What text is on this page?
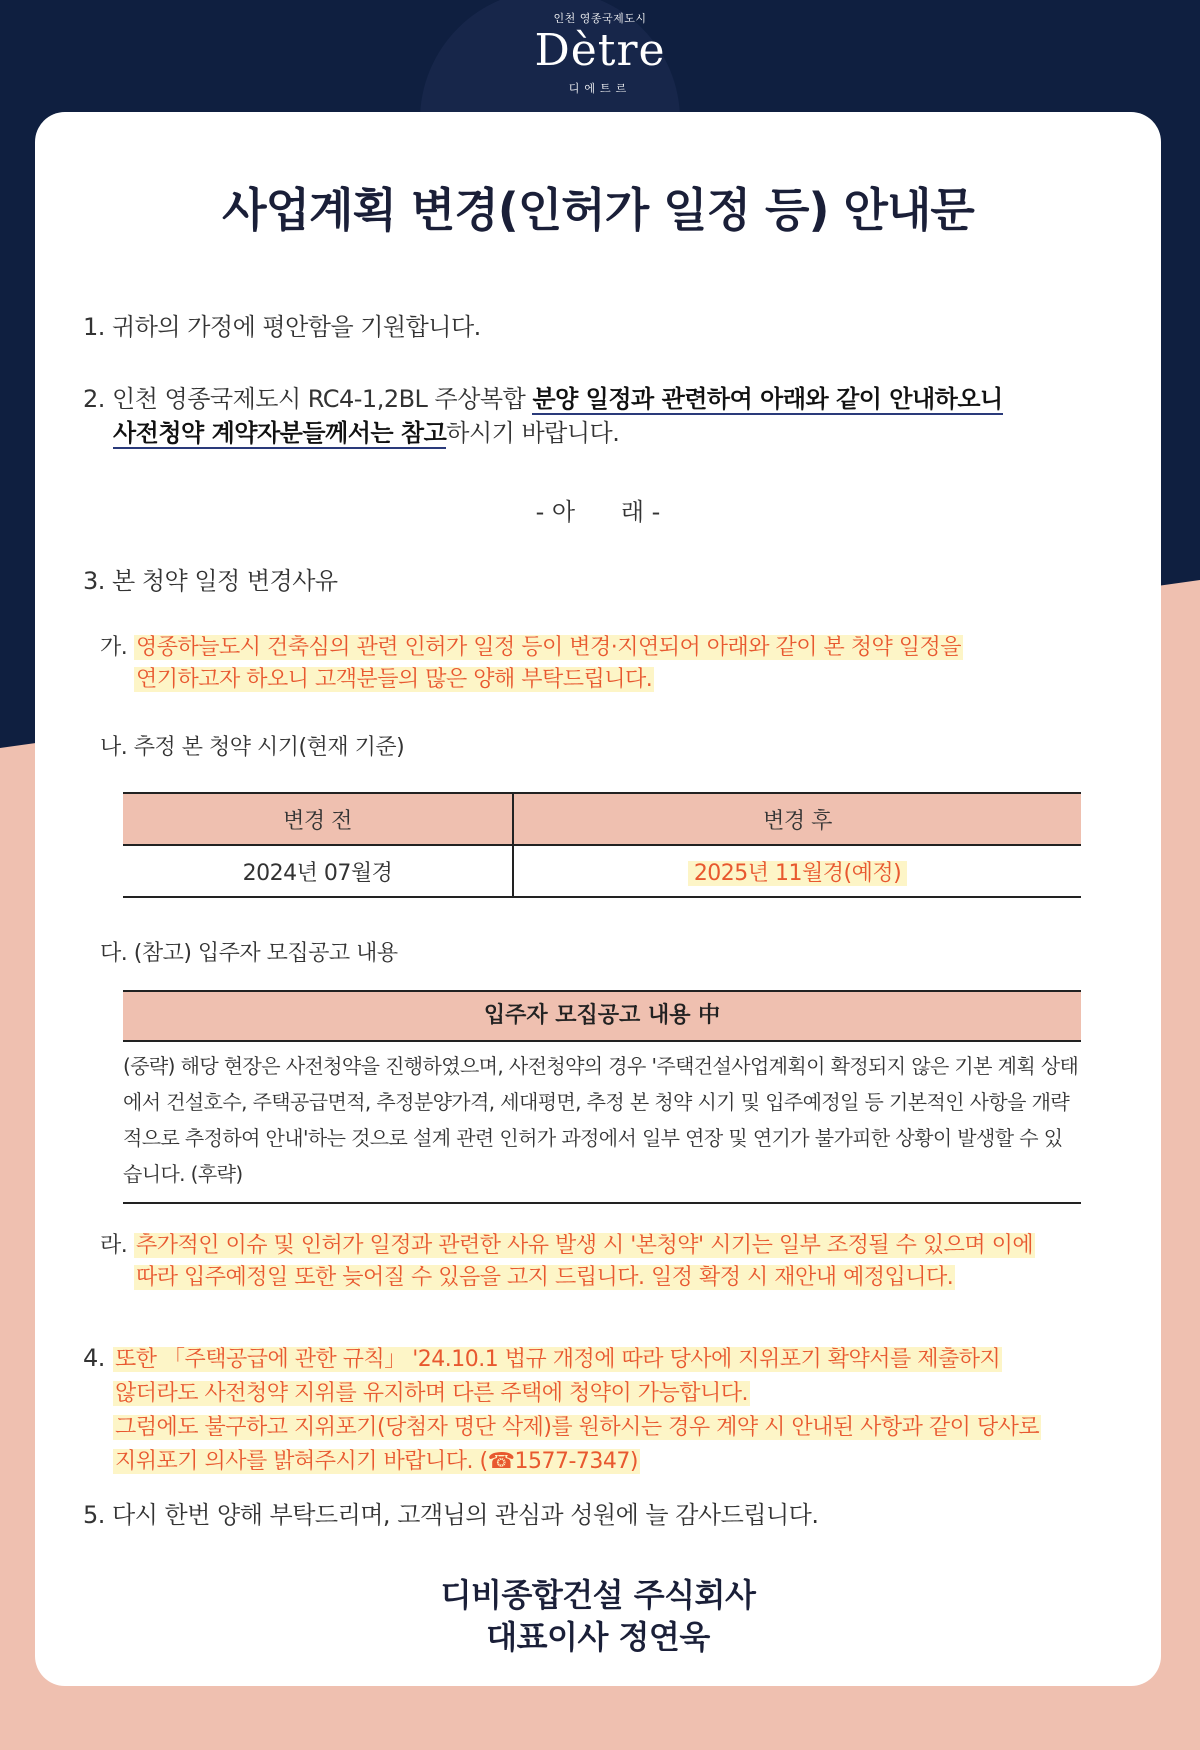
인천 영종국제도시
Dètre
디에트르
사업계획 변경(인허가 일정 등) 안내문
1. 귀하의 가정에 평안함을 기원합니다.
2. 인천 영종국제도시 RC4-1,2BL 주상복합 분양 일정과 관련하여 아래와 같이 안내하오니
사전청약 계약자분들께서는 참고하시기 바랍니다.
- 아      래 -
3. 본 청약 일정 변경사유
가. 영종하늘도시 건축심의 관련 인허가 일정 등이 변경·지연되어 아래와 같이 본 청약 일정을
연기하고자 하오니 고객분들의 많은 양해 부탁드립니다.
나. 추정 본 청약 시기(현재 기준)
변경 전	변경 후
2024년 07월경	2025년 11월경(예정)
다. (참고) 입주자 모집공고 내용
입주자 모집공고 내용 中
(중략) 해당 현장은 사전청약을 진행하였으며, 사전청약의 경우 '주택건설사업계획이 확정되지 않은 기본 계획 상태에서 건설호수, 주택공급면적, 추정분양가격, 세대평면, 추정 본 청약 시기 및 입주예정일 등 기본적인 사항을 개략적으로 추정하여 안내'하는 것으로 설계 관련 인허가 과정에서 일부 연장 및 연기가 불가피한 상황이 발생할 수 있습니다. (후략)
라. 추가적인 이슈 및 인허가 일정과 관련한 사유 발생 시 '본청약' 시기는 일부 조정될 수 있으며 이에
따라 입주예정일 또한 늦어질 수 있음을 고지 드립니다. 일정 확정 시 재안내 예정입니다.
4. 또한 「주택공급에 관한 규칙」 '24.10.1 법규 개정에 따라 당사에 지위포기 확약서를 제출하지
않더라도 사전청약 지위를 유지하며 다른 주택에 청약이 가능합니다.
그럼에도 불구하고 지위포기(당첨자 명단 삭제)를 원하시는 경우 계약 시 안내된 사항과 같이 당사로
지위포기 의사를 밝혀주시기 바랍니다. (☎1577-7347)
5. 다시 한번 양해 부탁드리며, 고객님의 관심과 성원에 늘 감사드립니다.
디비종합건설 주식회사
대표이사 정연욱
